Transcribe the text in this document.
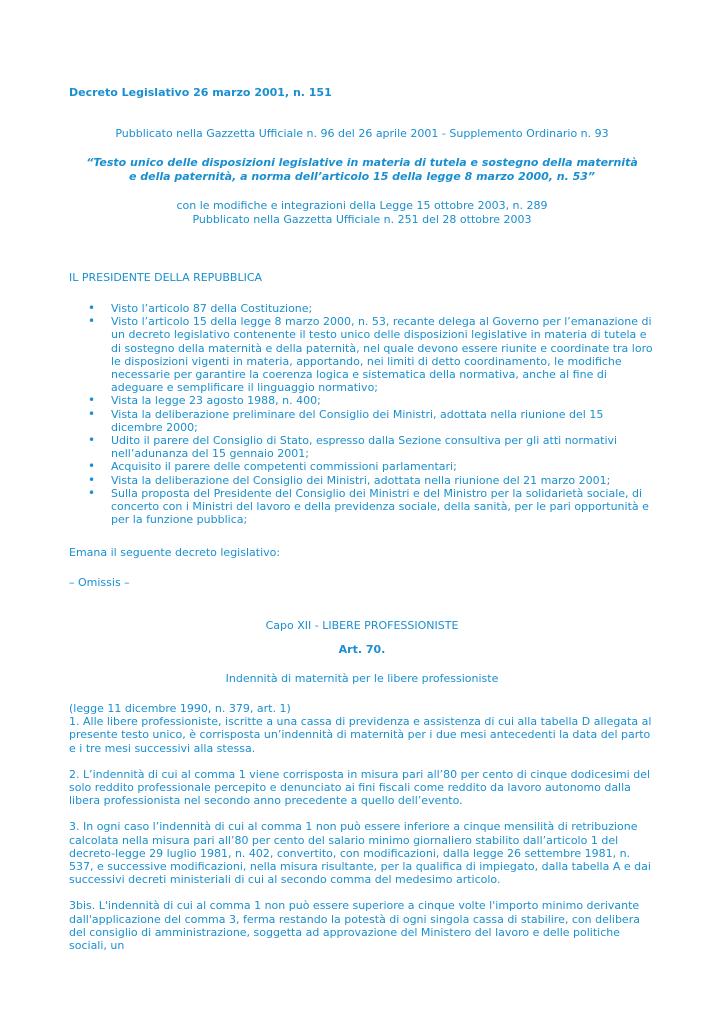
Decreto Legislativo 26 marzo 2001, n. 151
Pubblicato nella Gazzetta Ufficiale n. 96 del 26 aprile 2001 - Supplemento Ordinario n. 93
“Testo unico delle disposizioni legislative in materia di tutela e sostegno della maternità
e della paternità, a norma dell’articolo 15 della legge 8 marzo 2000, n. 53”
con le modifiche e integrazioni della Legge 15 ottobre 2003, n. 289
Pubblicato nella Gazzetta Ufficiale n. 251 del 28 ottobre 2003
IL PRESIDENTE DELLA REPUBBLICA
• Visto l’articolo 87 della Costituzione;
• Visto l’articolo 15 della legge 8 marzo 2000, n. 53, recante delega al Governo per l’emanazione di un decreto legislativo contenente il testo unico delle disposizioni legislative in materia di tutela e di sostegno della maternità e della paternità, nel quale devono essere riunite e coordinate tra loro le disposizioni vigenti in materia, apportando, nei limiti di detto coordinamento, le modifiche necessarie per garantire la coerenza logica e sistematica della normativa, anche al fine di adeguare e semplificare il linguaggio normativo;
• Vista la legge 23 agosto 1988, n. 400;
• Vista la deliberazione preliminare del Consiglio dei Ministri, adottata nella riunione del 15 dicembre 2000;
• Udito il parere del Consiglio di Stato, espresso dalla Sezione consultiva per gli atti normativi nell’adunanza del 15 gennaio 2001;
• Acquisito il parere delle competenti commissioni parlamentari;
• Vista la deliberazione del Consiglio dei Ministri, adottata nella riunione del 21 marzo 2001;
• Sulla proposta del Presidente del Consiglio dei Ministri e del Ministro per la solidarietà sociale, di concerto con i Ministri del lavoro e della previdenza sociale, della sanità, per le pari opportunità e per la funzione pubblica;
Emana il seguente decreto legislativo:
– Omissis –
Capo XII - LIBERE PROFESSIONISTE
Art. 70.
Indennità di maternità per le libere professioniste

(legge 11 dicembre 1990, n. 379, art. 1)
1. Alle libere professioniste, iscritte a una cassa di previdenza e assistenza di cui alla tabella D allegata al presente testo unico, è corrisposta un’indennità di maternità per i due mesi antecedenti la data del parto e i tre mesi successivi alla stessa.

2. L’indennità di cui al comma 1 viene corrisposta in misura pari all’80 per cento di cinque dodicesimi del solo reddito professionale percepito e denunciato ai fini fiscali come reddito da lavoro autonomo dalla libera professionista nel secondo anno precedente a quello dell’evento.

3. In ogni caso l’indennità di cui al comma 1 non può essere inferiore a cinque mensilità di retribuzione calcolata nella misura pari all’80 per cento del salario minimo giornaliero stabilito dall’articolo 1 del decreto-legge 29 luglio 1981, n. 402, convertito, con modificazioni, dalla legge 26 settembre 1981, n. 537, e successive modificazioni, nella misura risultante, per la qualifica di impiegato, dalla tabella A e dai successivi decreti ministeriali di cui al secondo comma del medesimo articolo.

3bis. L'indennità di cui al comma 1 non può essere superiore a cinque volte l'importo minimo derivante dall'applicazione del comma 3, ferma restando la potestà di ogni singola cassa di stabilire, con delibera del consiglio di amministrazione, soggetta ad approvazione del Ministero del lavoro e delle politiche sociali, un
